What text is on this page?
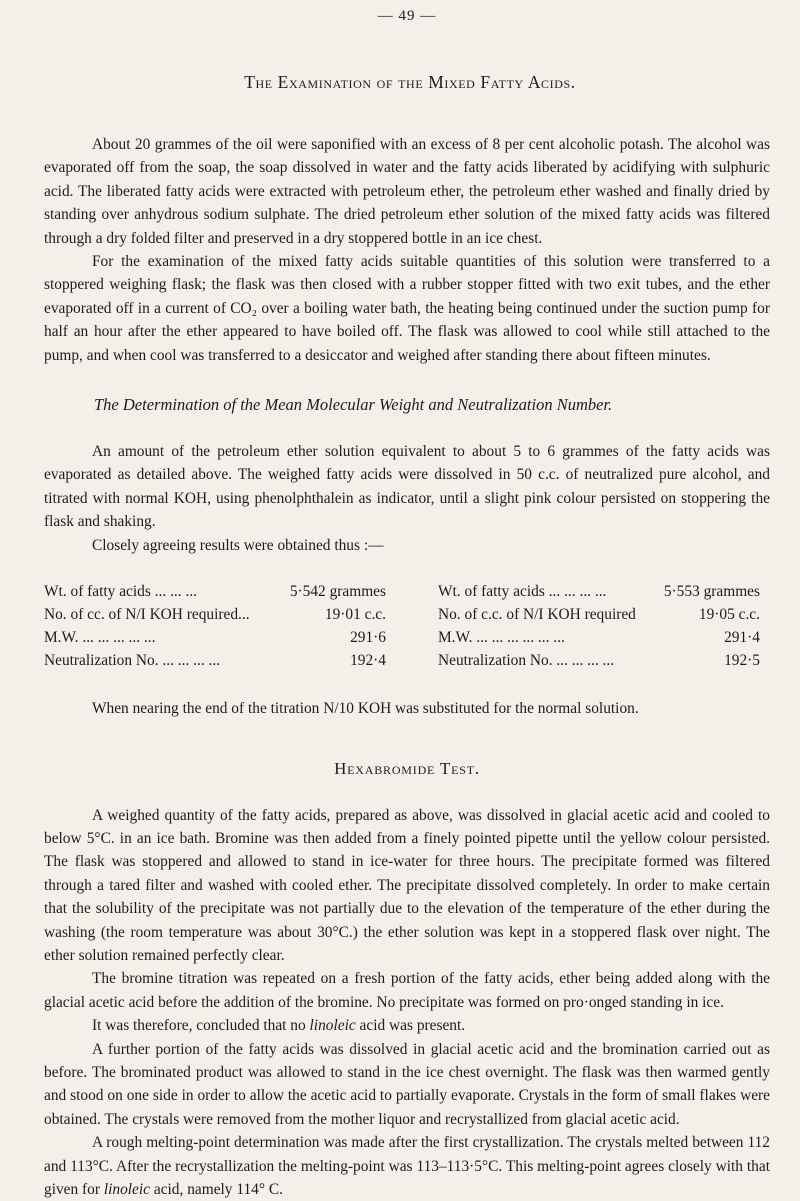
— 49 —
The Examination of the Mixed Fatty Acids.

About 20 grammes of the oil were saponified with an excess of 8 per cent alcoholic potash. The alcohol was evaporated off from the soap, the soap dissolved in water and the fatty acids liberated by acidifying with sulphuric acid. The liberated fatty acids were extracted with petroleum ether, the petroleum ether washed and finally dried by standing over anhydrous sodium sulphate. The dried petroleum ether solution of the mixed fatty acids was filtered through a dry folded filter and preserved in a dry stoppered bottle in an ice chest.

For the examination of the mixed fatty acids suitable quantities of this solution were transferred to a stoppered weighing flask; the flask was then closed with a rubber stopper fitted with two exit tubes, and the ether evaporated off in a current of CO₂ over a boiling water bath, the heating being continued under the suction pump for half an hour after the ether appeared to have boiled off. The flask was allowed to cool while still attached to the pump, and when cool was transferred to a desiccator and weighed after standing there about fifteen minutes.

The Determination of the Mean Molecular Weight and Neutralization Number.

An amount of the petroleum ether solution equivalent to about 5 to 6 grammes of the fatty acids was evaporated as detailed above. The weighed fatty acids were dissolved in 50 c.c. of neutralized pure alcohol, and titrated with normal KOH, using phenolphthalein as indicator, until a slight pink colour persisted on stoppering the flask and shaking.

Closely agreeing results were obtained thus :—

Wt. of fatty acids ... ... ...	5·542 grammes
No. of cc. of N/I KOH required...	19·01 c.c.
M.W. ... ... ... ... ...	291·6
Neutralization No. ... ... ... ...	192·4
Wt. of fatty acids ... ... ... ...	5·553 grammes
No. of c.c. of N/I KOH required	19·05 c.c.
M.W. ... ... ... ... ... ...	291·4
Neutralization No. ... ... ... ...	192·5

When nearing the end of the titration N/10 KOH was substituted for the normal solution.

Hexabromide Test.

A weighed quantity of the fatty acids, prepared as above, was dissolved in glacial acetic acid and cooled to below 5°C. in an ice bath. Bromine was then added from a finely pointed pipette until the yellow colour persisted. The flask was stoppered and allowed to stand in ice-water for three hours. The precipitate formed was filtered through a tared filter and washed with cooled ether. The precipitate dissolved completely. In order to make certain that the solubility of the precipitate was not partially due to the elevation of the temperature of the ether during the washing (the room temperature was about 30°C.) the ether solution was kept in a stoppered flask over night. The ether solution remained perfectly clear.

The bromine titration was repeated on a fresh portion of the fatty acids, ether being added along with the glacial acetic acid before the addition of the bromine. No precipitate was formed on pro·onged standing in ice.

It was therefore, concluded that no linoleic acid was present.

A further portion of the fatty acids was dissolved in glacial acetic acid and the bromination carried out as before. The brominated product was allowed to stand in the ice chest overnight. The flask was then warmed gently and stood on one side in order to allow the acetic acid to partially evaporate. Crystals in the form of small flakes were obtained. The crystals were removed from the mother liquor and recrystallized from glacial acetic acid.

A rough melting-point determination was made after the first crystallization. The crystals melted between 112 and 113°C. After the recrystallization the melting-point was 113–113·5°C. This melting-point agrees closely with that given for linoleic acid, namely 114° C.
